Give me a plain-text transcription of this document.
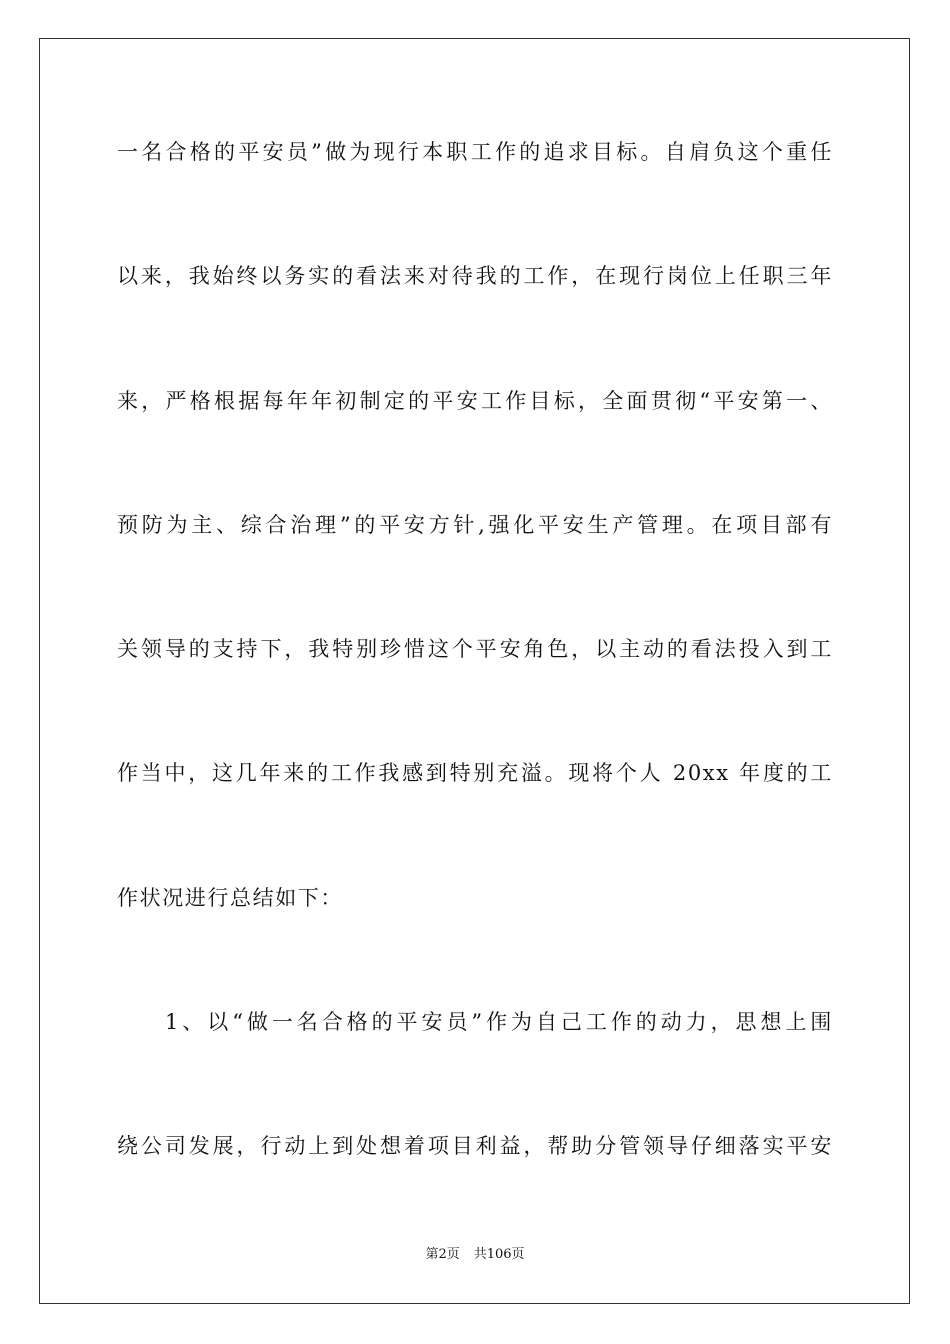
一名合格的平安员”做为现行本职工作的追求目标。自肩负这个重任
以来，我始终以务实的看法来对待我的工作，在现行岗位上任职三年
来，严格根据每年年初制定的平安工作目标，全面贯彻“平安第一、
预防为主、综合治理”的平安方针,强化平安生产管理。在项目部有
关领导的支持下，我特别珍惜这个平安角色，以主动的看法投入到工
作当中，这几年来的工作我感到特别充溢。现将个人 20xx 年度的工
作状况进行总结如下：
1、以“做一名合格的平安员”作为自己工作的动力，思想上围
绕公司发展，行动上到处想着项目利益，帮助分管领导仔细落实平安
第2页 共106页
